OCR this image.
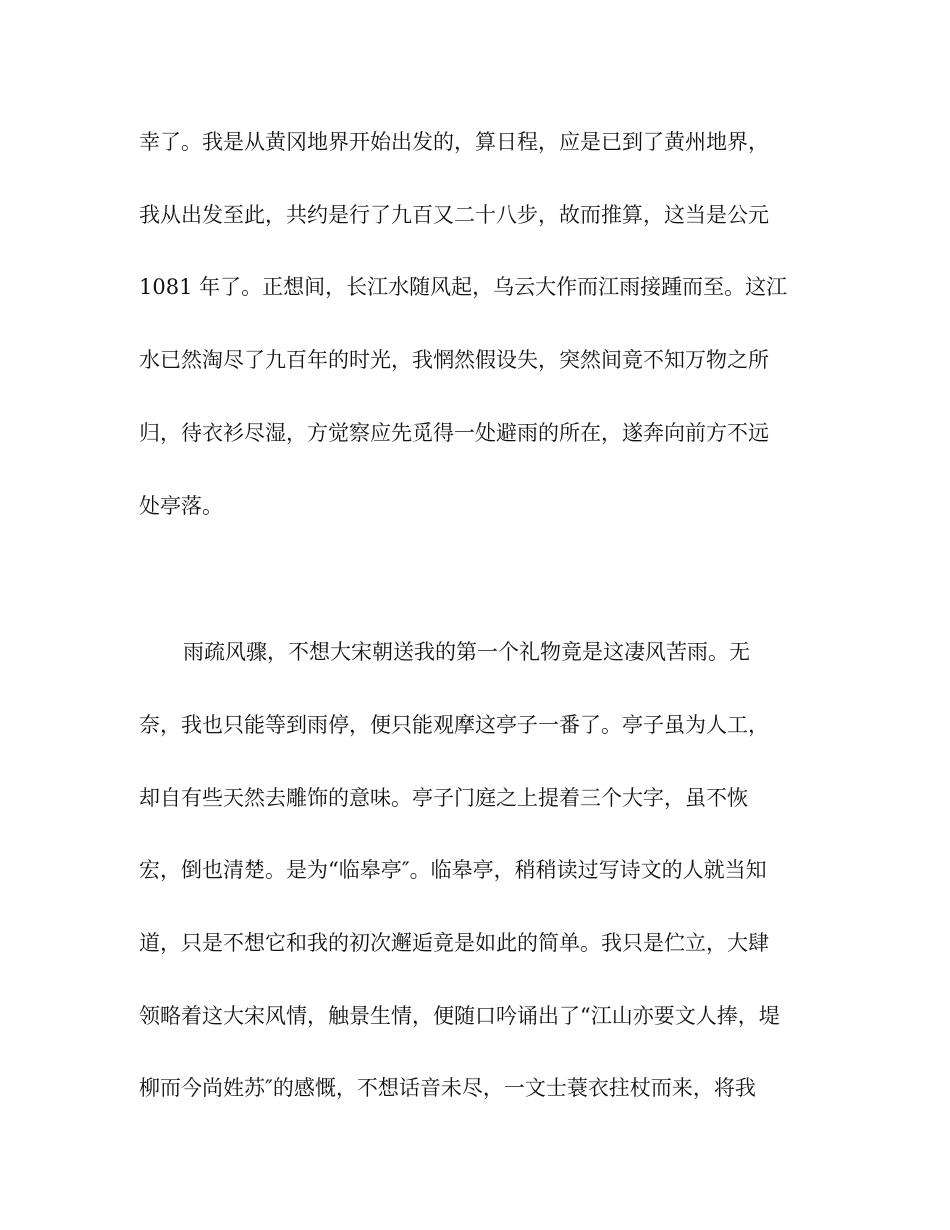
幸了。我是从黄冈地界开始出发的，算日程，应是已到了黄州地界，
我从出发至此，共约是行了九百又二十八步，故而推算，这当是公元
1081 年了。正想间，长江水随风起，乌云大作而江雨接踵而至。这江
水已然淘尽了九百年的时光，我惘然假设失，突然间竟不知万物之所
归，待衣衫尽湿，方觉察应先觅得一处避雨的所在，遂奔向前方不远
处亭落。
雨疏风骤，不想大宋朝送我的第一个礼物竟是这凄风苦雨。无
奈，我也只能等到雨停，便只能观摩这亭子一番了。亭子虽为人工，
却自有些天然去雕饰的意味。亭子门庭之上提着三个大字，虽不恢
宏，倒也清楚。是为“临皋亭″。临皋亭，稍稍读过写诗文的人就当知
道，只是不想它和我的初次邂逅竟是如此的简单。我只是伫立，大肆
领略着这大宋风情，触景生情，便随口吟诵出了“江山亦要文人捧，堤
柳而今尚姓苏″的感慨，不想话音未尽，一文士蓑衣拄杖而来，将我
